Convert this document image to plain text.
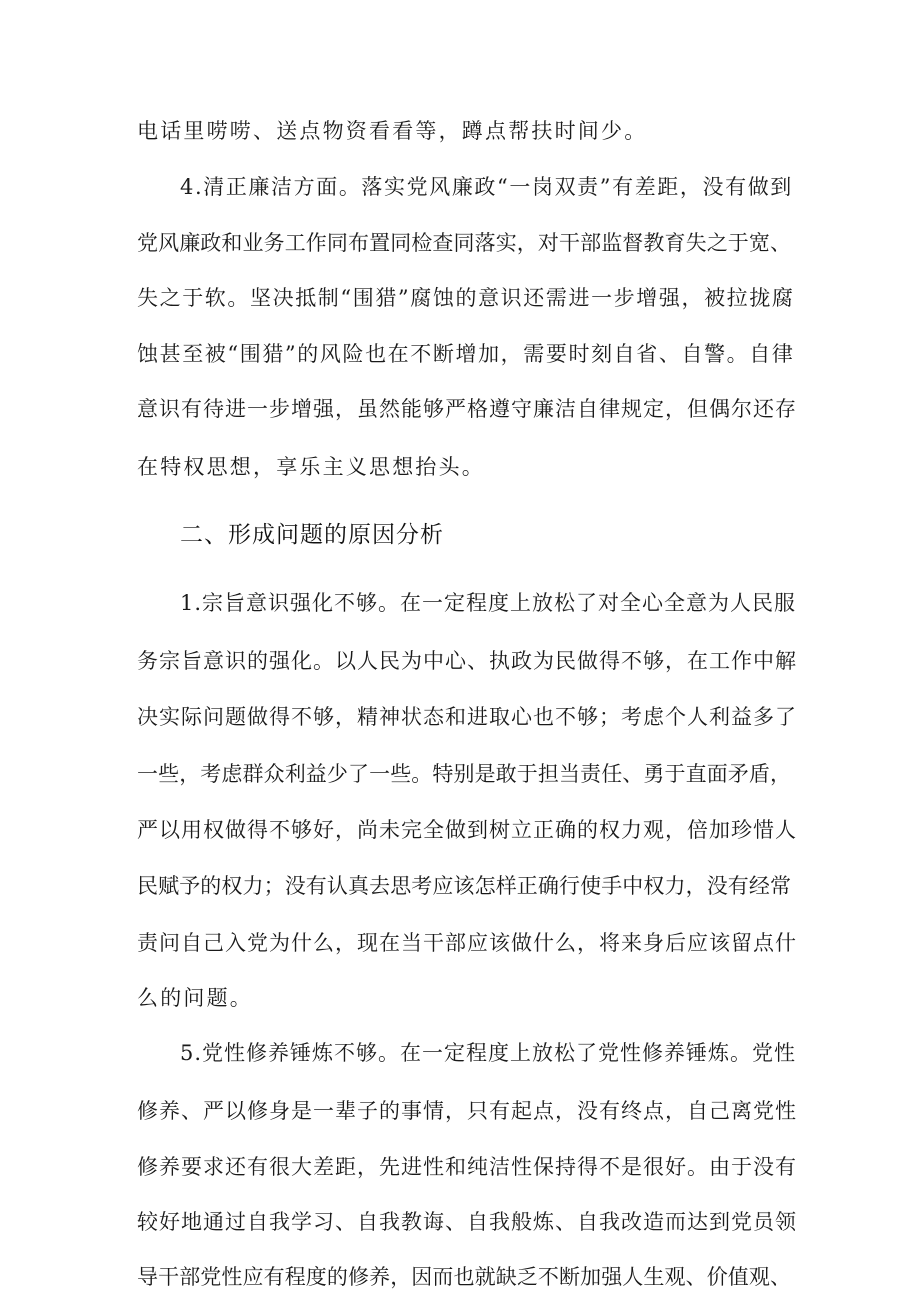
电话里唠唠、送点物资看看等，蹲点帮扶时间少。
4.清正廉洁方面。落实党风廉政“一岗双责”有差距，没有做到
党风廉政和业务工作同布置同检查同落实，对干部监督教育失之于宽、
失之于软。坚决抵制“围猎”腐蚀的意识还需进一步增强，被拉拢腐
蚀甚至被“围猎”的风险也在不断增加，需要时刻自省、自警。自律
意识有待进一步增强，虽然能够严格遵守廉洁自律规定，但偶尔还存
在特权思想，享乐主义思想抬头。
二、形成问题的原因分析
1.宗旨意识强化不够。在一定程度上放松了对全心全意为人民服
务宗旨意识的强化。以人民为中心、执政为民做得不够，在工作中解
决实际问题做得不够，精神状态和进取心也不够；考虑个人利益多了
一些，考虑群众利益少了一些。特别是敢于担当责任、勇于直面矛盾，
严以用权做得不够好，尚未完全做到树立正确的权力观，倍加珍惜人
民赋予的权力；没有认真去思考应该怎样正确行使手中权力，没有经常
责问自己入党为什么，现在当干部应该做什么，将来身后应该留点什
么的问题。
5.党性修养锤炼不够。在一定程度上放松了党性修养锤炼。党性
修养、严以修身是一辈子的事情，只有起点，没有终点，自己离党性
修养要求还有很大差距，先进性和纯洁性保持得不是很好。由于没有
较好地通过自我学习、自我教诲、自我般炼、自我改造而达到党员领
导干部党性应有程度的修养，因而也就缺乏不断加强人生观、价值观、
